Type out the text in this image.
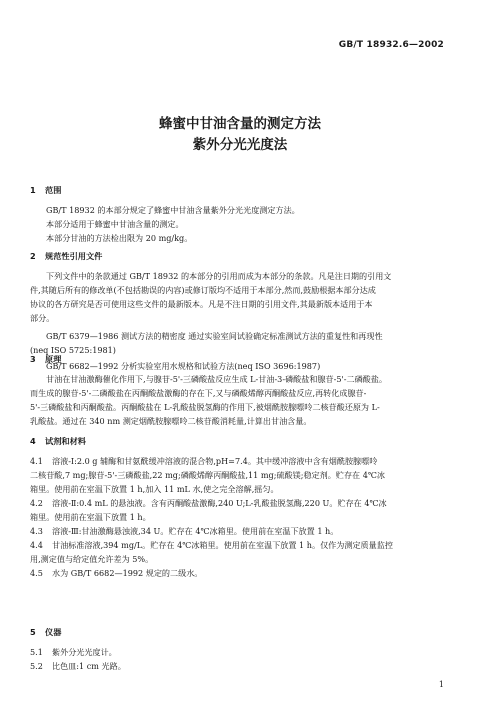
GB/T 18932.6—2002
蜂蜜中甘油含量的测定方法
紫外分光光度法
1 范围

GB/T 18932 的本部分规定了蜂蜜中甘油含量紫外分光光度测定方法。

本部分适用于蜂蜜中甘油含量的测定。

本部分甘油的方法检出限为 20 mg/kg。

2 规范性引用文件

下列文件中的条款通过 GB/T 18932 的本部分的引用而成为本部分的条款。凡是注日期的引用文

件,其随后所有的修改单(不包括勘误的内容)或修订版均不适用于本部分,然而,鼓励根据本部分达成

协议的各方研究是否可使用这些文件的最新版本。凡是不注日期的引用文件,其最新版本适用于本

部分。

GB/T 6379—1986 测试方法的精密度 通过实验室间试验确定标准测试方法的重复性和再现性

(neq ISO 5725:1981)

GB/T 6682—1992 分析实验室用水规格和试验方法(neq ISO 3696:1987)

3 原理

甘油在甘油激酶催化作用下,与腺苷-5'-三磷酸盐反应生成 L-甘油-3-磷酸盐和腺苷-5'-二磷酸盐。

而生成的腺苷-5'-二磷酸盐在丙酮酸盐激酶的存在下,又与磷酸烯醇丙酮酸盐反应,再转化成腺苷-

5'-三磷酸盐和丙酮酸盐。丙酮酸盐在 L-乳酸盐脱氢酶的作用下,被烟酰胺腺嘌呤二核苷酸还原为 L-

乳酸盐。通过在 340 nm 测定烟酰胺腺嘌呤二核苷酸消耗量,计算出甘油含量。

4 试剂和材料

4.1 溶液-Ⅰ:2.0 g 辅酶和甘氨酰缓冲溶液的混合物,pH=7.4。其中缓冲溶液中含有烟酰胺腺嘌呤

二核苷酸,7 mg;腺苷-5'-三磷酸盐,22 mg;磷酸烯醇丙酮酸盐,11 mg;硫酸镁;稳定剂。贮存在 4℃冰

箱里。使用前在室温下放置 1 h,加入 11 mL 水,使之完全溶解,摇匀。

4.2 溶液-Ⅱ:0.4 mL 的悬浊液。含有丙酮酸盐激酶,240 U;L-乳酸盐脱氢酶,220 U。贮存在 4℃冰

箱里。使用前在室温下放置 1 h。

4.3 溶液-Ⅲ:甘油激酶悬浊液,34 U。贮存在 4℃冰箱里。使用前在室温下放置 1 h。

4.4 甘油标准溶液,394 mg/L。贮存在 4℃冰箱里。使用前在室温下放置 1 h。仅作为测定质量监控

用,测定值与给定值允许差为 5%。

4.5 水为 GB/T 6682—1992 规定的二级水。

5 仪器

5.1 紫外分光光度计。

5.2 比色皿:1 cm 光路。

1
